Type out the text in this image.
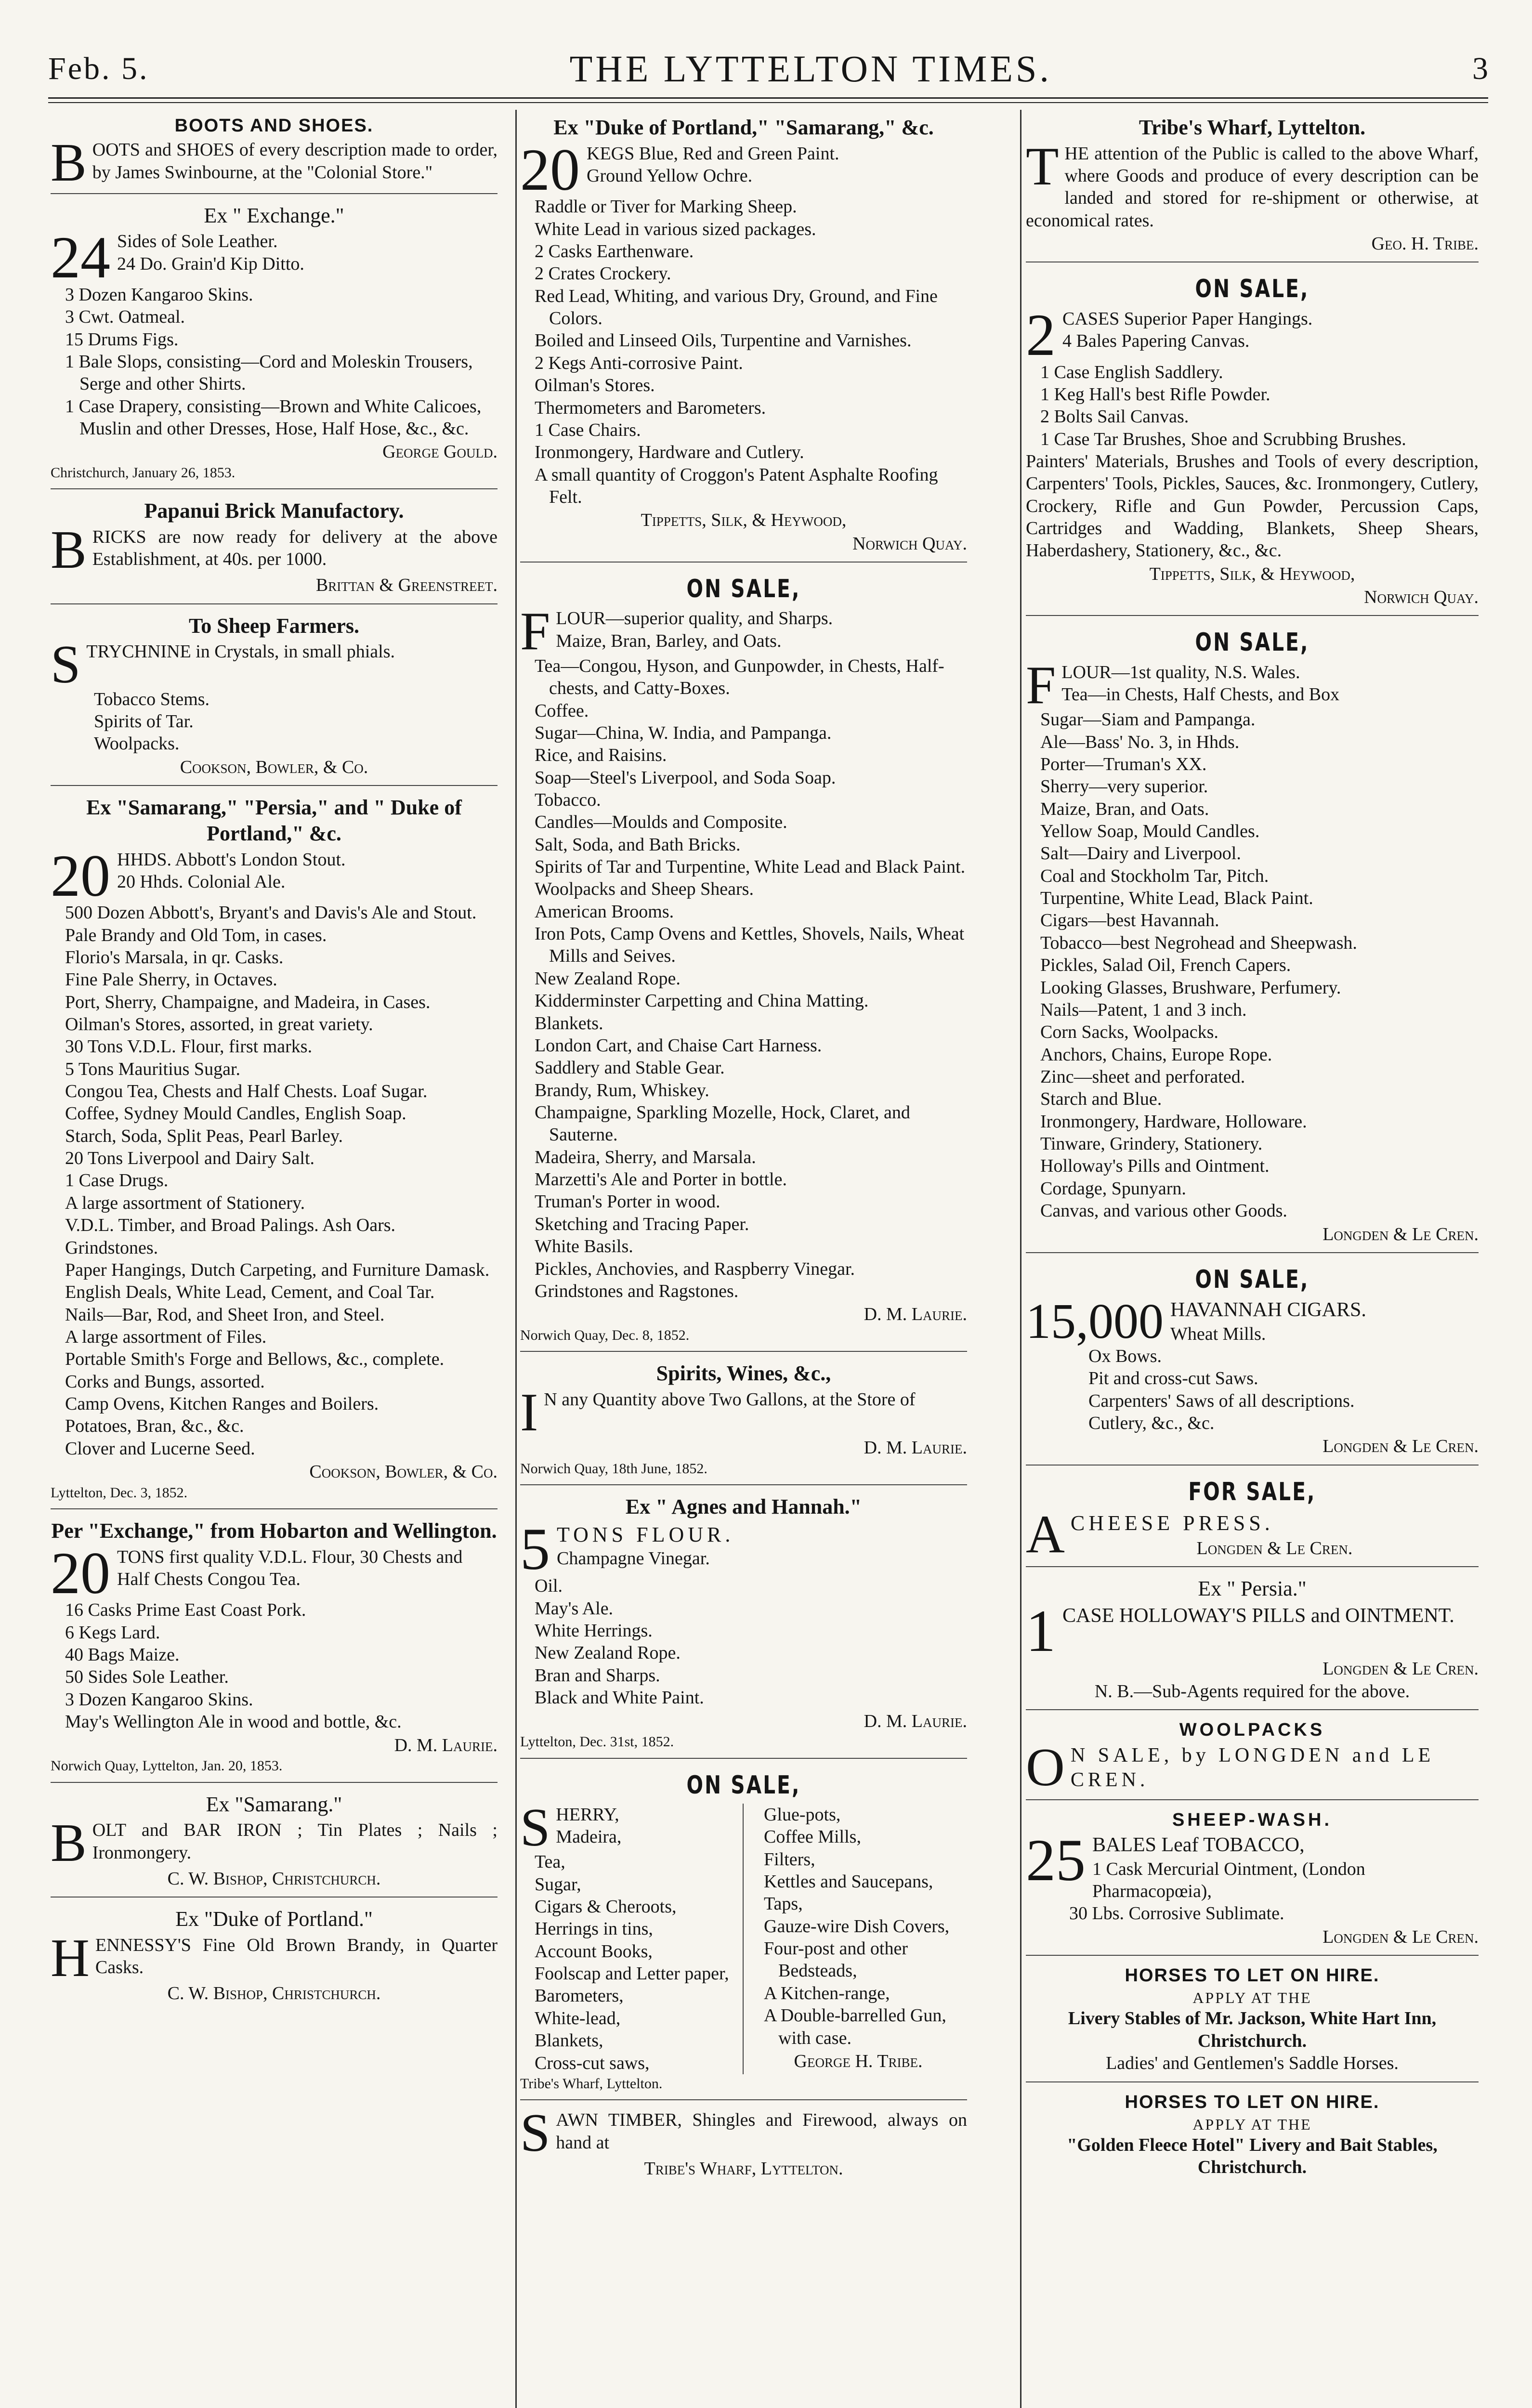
Feb. 5.	THE LYTTELTON TIMES.	3
BOOTS AND SHOES.
BOOTS and SHOES of every description made to order, by James Swinbourne, at the "Colonial Store."
Ex " Exchange."
24 Sides of Sole Leather.
24 Do. Grain'd Kip Ditto.
3 Dozen Kangaroo Skins.
3 Cwt. Oatmeal.
15 Drums Figs.
1 Bale Slops, consisting—Cord and Moleskin Trousers, Serge and other Shirts.
1 Case Drapery, consisting—Brown and White Calicoes, Muslin and other Dresses, Hose, Half Hose, &c., &c.
George Gould.
Christchurch, January 26, 1853.
Papanui Brick Manufactory.
BRICKS are now ready for delivery at the above Establishment, at 40s. per 1000.
Brittan & Greenstreet.
To Sheep Farmers.
STRYCHNINE in Crystals, in small phials.
Tobacco Stems.
Spirits of Tar.
Woolpacks.
Cookson, Bowler, & Co.
Ex "Samarang," "Persia," and " Duke of Portland," &c.
20 HHDS. Abbott's London Stout.
20 Hhds. Colonial Ale.
500 Dozen Abbott's, Bryant's and Davis's Ale and Stout.
Pale Brandy and Old Tom, in cases.
Florio's Marsala, in qr. Casks.
Fine Pale Sherry, in Octaves.
Port, Sherry, Champaigne, and Madeira, in Cases.
Oilman's Stores, assorted, in great variety.
30 Tons V.D.L. Flour, first marks.
5 Tons Mauritius Sugar.
Congou Tea, Chests and Half Chests. Loaf Sugar.
Coffee, Sydney Mould Candles, English Soap.
Starch, Soda, Split Peas, Pearl Barley.
20 Tons Liverpool and Dairy Salt.
1 Case Drugs.
A large assortment of Stationery.
V.D.L. Timber, and Broad Palings. Ash Oars.
Grindstones.
Paper Hangings, Dutch Carpeting, and Furniture Damask.
English Deals, White Lead, Cement, and Coal Tar.
Nails—Bar, Rod, and Sheet Iron, and Steel.
A large assortment of Files.
Portable Smith's Forge and Bellows, &c., complete.
Corks and Bungs, assorted.
Camp Ovens, Kitchen Ranges and Boilers.
Potatoes, Bran, &c., &c.
Clover and Lucerne Seed.
Cookson, Bowler, & Co.
Lyttelton, Dec. 3, 1852.
Per "Exchange," from Hobarton and Wellington.
20 TONS first quality V.D.L. Flour, 30 Chests and Half Chests Congou Tea.
16 Casks Prime East Coast Pork.
6 Kegs Lard.
40 Bags Maize.
50 Sides Sole Leather.
3 Dozen Kangaroo Skins.
May's Wellington Ale in wood and bottle, &c.
D. M. Laurie.
Norwich Quay, Lyttelton, Jan. 20, 1853.
Ex "Samarang."
BOLT and BAR IRON ; Tin Plates ; Nails ; Ironmongery.
C. W. Bishop, Christchurch.
Ex "Duke of Portland."
HENNESSY'S Fine Old Brown Brandy, in Quarter Casks.
C. W. Bishop, Christchurch.
Ex "Duke of Portland," "Samarang," &c.
20 KEGS Blue, Red and Green Paint.
Ground Yellow Ochre.
Raddle or Tiver for Marking Sheep.
White Lead in various sized packages.
2 Casks Earthenware.
2 Crates Crockery.
Red Lead, Whiting, and various Dry, Ground, and Fine Colors.
Boiled and Linseed Oils, Turpentine and Varnishes.
2 Kegs Anti-corrosive Paint.
Oilman's Stores.
Thermometers and Barometers.
1 Case Chairs.
Ironmongery, Hardware and Cutlery.
A small quantity of Croggon's Patent Asphalte Roofing Felt.
Tippetts, Silk, & Heywood,
Norwich Quay.
ON SALE,
FLOUR—superior quality, and Sharps.
Maize, Bran, Barley, and Oats.
Tea—Congou, Hyson, and Gunpowder, in Chests, Half-chests, and Catty-Boxes.
Coffee.
Sugar—China, W. India, and Pampanga.
Rice, and Raisins.
Soap—Steel's Liverpool, and Soda Soap.
Tobacco.
Candles—Moulds and Composite.
Salt, Soda, and Bath Bricks.
Spirits of Tar and Turpentine, White Lead and Black Paint.
Woolpacks and Sheep Shears.
American Brooms.
Iron Pots, Camp Ovens and Kettles, Shovels, Nails, Wheat Mills and Seives.
New Zealand Rope.
Kidderminster Carpetting and China Matting.
Blankets.
London Cart, and Chaise Cart Harness.
Saddlery and Stable Gear.
Brandy, Rum, Whiskey.
Champaigne, Sparkling Mozelle, Hock, Claret, and Sauterne.
Madeira, Sherry, and Marsala.
Marzetti's Ale and Porter in bottle.
Truman's Porter in wood.
Sketching and Tracing Paper.
White Basils.
Pickles, Anchovies, and Raspberry Vinegar.
Grindstones and Ragstones.
D. M. Laurie.
Norwich Quay, Dec. 8, 1852.
Spirits, Wines, &c.,
I N any Quantity above Two Gallons, at the Store of
D. M. Laurie.
Norwich Quay, 18th June, 1852.
Ex " Agnes and Hannah."
5 TONS FLOUR.
Champagne Vinegar.
Oil.
May's Ale.
White Herrings.
New Zealand Rope.
Bran and Sharps.
Black and White Paint.
D. M. Laurie.
Lyttelton, Dec. 31st, 1852.
ON SALE,
SHERRY,
Madeira,
Tea,
Sugar,
Cigars & Cheroots,
Herrings in tins,
Account Books,
Foolscap and Letter paper,
Barometers,
White-lead,
Blankets,
Cross-cut saws,
Glue-pots,
Coffee Mills,
Filters,
Kettles and Saucepans,
Taps,
Gauze-wire Dish Covers,
Four-post and other Bedsteads,
A Kitchen-range,
A Double-barrelled Gun, with case.
George H. Tribe.
Tribe's Wharf, Lyttelton.
SAWN TIMBER, Shingles and Firewood, always on hand at
Tribe's Wharf, Lyttelton.
Tribe's Wharf, Lyttelton.
THE attention of the Public is called to the above Wharf, where Goods and produce of every description can be landed and stored for re-shipment or otherwise, at economical rates.
Geo. H. Tribe.
ON SALE,
2 CASES Superior Paper Hangings.
4 Bales Papering Canvas.
1 Case English Saddlery.
1 Keg Hall's best Rifle Powder.
2 Bolts Sail Canvas.
1 Case Tar Brushes, Shoe and Scrubbing Brushes.
Painters' Materials, Brushes and Tools of every description, Carpenters' Tools, Pickles, Sauces, &c. Ironmongery, Cutlery, Crockery, Rifle and Gun Powder, Percussion Caps, Cartridges and Wadding, Blankets, Sheep Shears, Haberdashery, Stationery, &c., &c.
Tippetts, Silk, & Heywood,
Norwich Quay.
ON SALE,
FLOUR—1st quality, N.S. Wales.
Tea—in Chests, Half Chests, and Box
Sugar—Siam and Pampanga.
Ale—Bass' No. 3, in Hhds.
Porter—Truman's XX.
Sherry—very superior.
Maize, Bran, and Oats.
Yellow Soap, Mould Candles.
Salt—Dairy and Liverpool.
Coal and Stockholm Tar, Pitch.
Turpentine, White Lead, Black Paint.
Cigars—best Havannah.
Tobacco—best Negrohead and Sheepwash.
Pickles, Salad Oil, French Capers.
Looking Glasses, Brushware, Perfumery.
Nails—Patent, 1 and 3 inch.
Corn Sacks, Woolpacks.
Anchors, Chains, Europe Rope.
Zinc—sheet and perforated.
Starch and Blue.
Ironmongery, Hardware, Holloware.
Tinware, Grindery, Stationery.
Holloway's Pills and Ointment.
Cordage, Spunyarn.
Canvas, and various other Goods.
Longden & Le Cren.
ON SALE,
15,000 HAVANNAH CIGARS.
Wheat Mills.
Ox Bows.
Pit and cross-cut Saws.
Carpenters' Saws of all descriptions.
Cutlery, &c., &c.
Longden & Le Cren.
FOR SALE,
ACHEESE PRESS.
Longden & Le Cren.
Ex " Persia."
1 CASE HOLLOWAY'S PILLS and OINTMENT.
Longden & Le Cren.
N. B.—Sub-Agents required for the above.
WOOLPACKS
O N SALE, by LONGDEN and LE CREN.
SHEEP-WASH.
25 BALES Leaf TOBACCO,
1 Cask Mercurial Ointment, (London Pharmacopœia),
30 Lbs. Corrosive Sublimate.
Longden & Le Cren.
HORSES TO LET ON HIRE.
APPLY AT THE
Livery Stables of Mr. Jackson, White Hart Inn, Christchurch.
Ladies' and Gentlemen's Saddle Horses.
HORSES TO LET ON HIRE.
APPLY AT THE
"Golden Fleece Hotel" Livery and Bait Stables, Christchurch.
